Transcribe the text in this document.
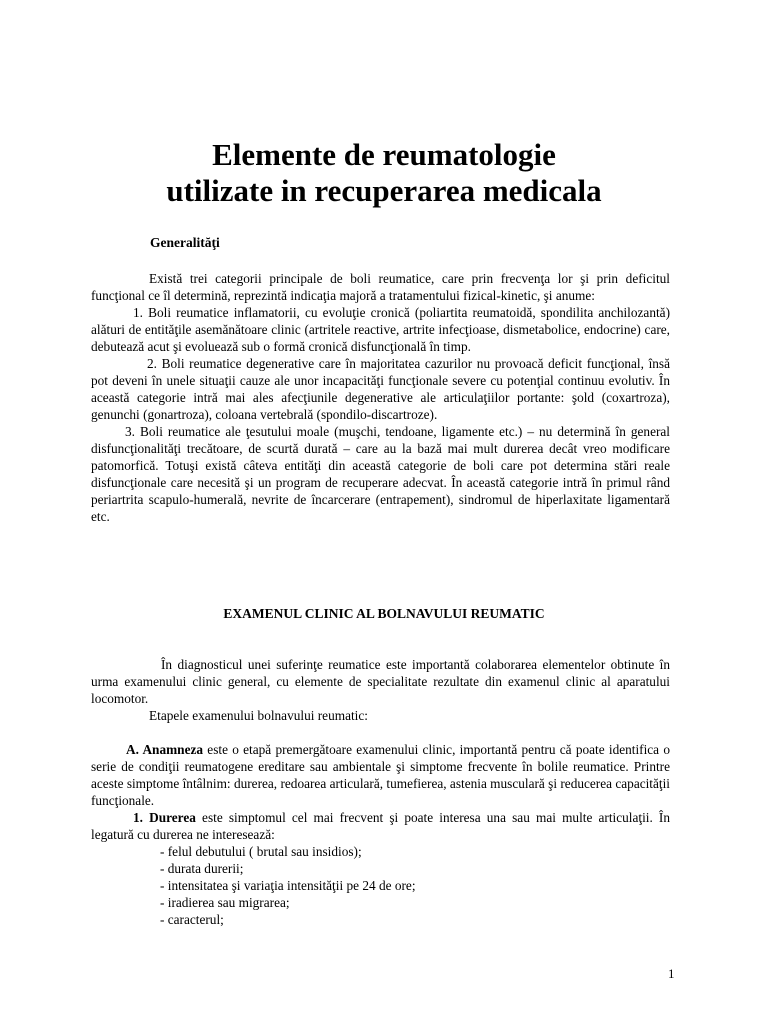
Elemente de reumatologie
utilizate in recuperarea medicala
Generalităţi

Există trei categorii principale de boli reumatice, care prin frecvenţa lor şi prin deficitul funcţional ce îl determină, reprezintă indicaţia majoră a tratamentului fizical-kinetic, şi anume:

1. Boli reumatice inflamatorii, cu evoluţie cronică (poliartita reumatoidă, spondilita anchilozantă) alături de entităţile asemănătoare clinic (artritele reactive, artrite infecţioase, dismetabolice, endocrine) care, debutează acut şi evoluează sub o formă cronică disfuncţională în timp.

2. Boli reumatice degenerative care în majoritatea cazurilor nu provoacă deficit funcţional, însă pot deveni în unele situaţii cauze ale unor incapacităţi funcţionale severe cu potenţial continuu evolutiv. În această categorie intră mai ales afecţiunile degenerative ale articulaţiilor portante: şold (coxartroza), genunchi (gonartroza), coloana vertebrală (spondilo-discartroze).

3. Boli reumatice ale ţesutului moale (muşchi, tendoane, ligamente etc.) – nu determină în general disfuncţionalităţi trecătoare, de scurtă durată – care au la bază mai mult durerea decât vreo modificare patomorfică. Totuşi există câteva entităţi din această categorie de boli care pot determina stări reale disfuncţionale care necesită şi un program de recuperare adecvat. În această categorie intră în primul rând periartrita scapulo-humerală, nevrite de încarcerare (entrapement), sindromul de hiperlaxitate ligamentară etc.

EXAMENUL CLINIC AL BOLNAVULUI REUMATIC

În diagnosticul unei suferinţe reumatice este importantă colaborarea elementelor obtinute în urma examenului clinic general, cu elemente de specialitate rezultate din examenul clinic al aparatului locomotor.

Etapele examenului bolnavului reumatic:

A. Anamneza este o etapă premergătoare examenului clinic, importantă pentru că poate identifica o serie de condiţii reumatogene ereditare sau ambientale şi simptome frecvente în bolile reumatice. Printre aceste simptome întâlnim: durerea, redoarea articulară, tumefierea, astenia musculară şi reducerea capacităţii funcţionale.

1. Durerea este simptomul cel mai frecvent şi poate interesa una sau mai multe articulaţii. În legatură cu durerea ne interesează:

- felul debutului ( brutal sau insidios);
- durata durerii;
- intensitatea şi variaţia intensităţii pe 24 de ore;
- iradierea sau migrarea;
- caracterul;
1
